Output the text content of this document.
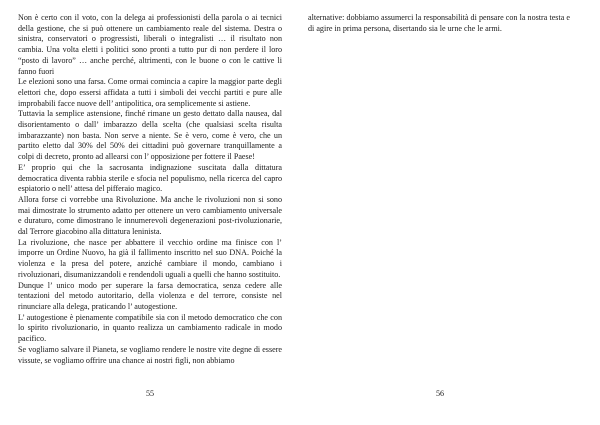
Non è certo con il voto, con la delega ai professionisti della parola o ai tecnici della gestione, che si può ottenere un cambiamento reale del sistema. Destra o sinistra, conservatori o progressisti, liberali o integralisti … il risultato non cambia. Una volta eletti i politici sono pronti a tutto pur di non perdere il loro “posto di lavoro” … anche perché, altrimenti, con le buone o con le cattive li fanno fuori

Le elezioni sono una farsa. Come ormai comincia a capire la maggior parte degli elettori che, dopo essersi affidata a tutti i simboli dei vecchi partiti e pure alle improbabili facce nuove dell’ antipolitica, ora semplicemente si astiene.

Tuttavia la semplice astensione, finché rimane un gesto dettato dalla nausea, dal disorientamento o dall’ imbarazzo della scelta (che qualsiasi scelta risulta imbarazzante) non basta. Non serve a niente. Se è vero, come è vero, che un partito eletto dal 30% del 50% dei cittadini può governare tranquillamente a colpi di decreto, pronto ad allearsi con l’ opposizione per fottere il Paese!

E’ proprio qui che la sacrosanta indignazione suscitata dalla dittatura democratica diventa rabbia sterile e sfocia nel populismo, nella ricerca del capro espiatorio o nell’ attesa del pifferaio magico.

Allora forse ci vorrebbe una Rivoluzione. Ma anche le rivoluzioni non si sono mai dimostrate lo strumento adatto per ottenere un vero cambiamento universale e duraturo, come dimostrano le innumerevoli degenerazioni post-rivoluzionarie, dal Terrore giacobino alla dittatura leninista.

La rivoluzione, che nasce per abbattere il vecchio ordine ma finisce con l’ imporre un Ordine Nuovo, ha già il fallimento inscritto nel suo DNA. Poiché la violenza e la presa del potere, anziché cambiare il mondo, cambiano i rivoluzionari, disumanizzandoli e rendendoli uguali a quelli che hanno sostituito.

Dunque l’ unico modo per superare la farsa democratica, senza cedere alle tentazioni del metodo autoritario, della violenza e del terrore, consiste nel rinunciare alla delega, praticando l’ autogestione.

L’ autogestione è pienamente compatibile sia con il metodo democratico che con lo spirito rivoluzionario, in quanto realizza un cambiamento radicale in modo pacifico.

Se vogliamo salvare il Pianeta, se vogliamo rendere le nostre vite degne di essere vissute, se vogliamo offrire una chance ai nostri figli, non abbiamo

55

alternative: dobbiamo assumerci la responsabilità di pensare con la nostra testa e di agire in prima persona, disertando sia le urne che le armi.

56
